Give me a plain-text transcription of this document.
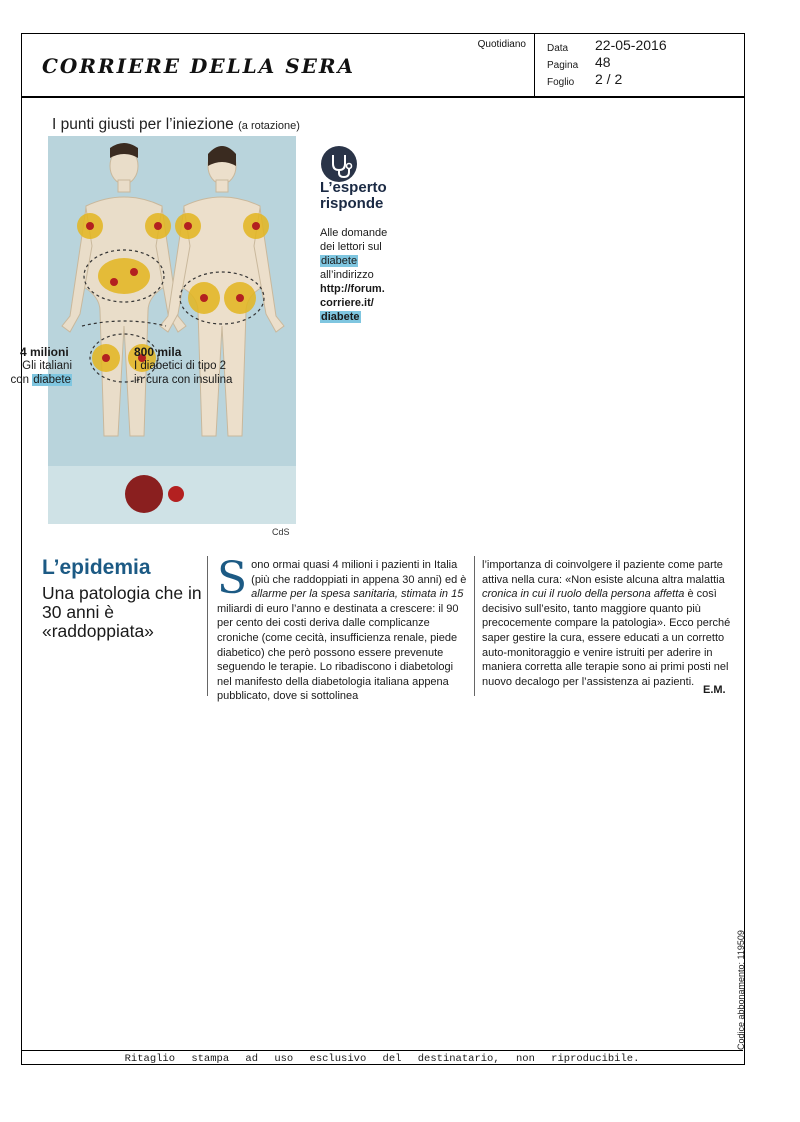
CORRIERE DELLA SERA
Quotidiano Data	22-05-2016
Pagina	48
Foglio	2 / 2
I punti giusti per l’iniezione (a rotazione)
4 milioni
Gli italiani
con diabete
800 mila
I diabetici di tipo 2
in cura con insulina
CdS
L’esperto
risponde
Alle domande
dei lettori sul
diabete
all’indirizzo
http://forum.
corriere.it/
diabete
L’epidemia
Una patologia che in 30 anni è «raddoppiata»
Sono ormai quasi 4 milioni i pazienti in Italia (più che raddoppiati in appena 30 anni) ed è allarme per la spesa sanitaria, stimata in 15 miliardi di euro l’anno e destinata a crescere: il 90 per cento dei costi deriva dalle complicanze croniche (come cecità, insufficienza renale, piede diabetico) che però possono essere prevenute seguendo le terapie. Lo ribadiscono i diabetologi nel manifesto della diabetologia italiana appena pubblicato, dove si sottolinea
l’importanza di coinvolgere il paziente come parte attiva nella cura: «Non esiste alcuna altra malattia cronica in cui il ruolo della persona affetta è così decisivo sull’esito, tanto maggiore quanto più precocemente compare la patologia». Ecco perché saper gestire la cura, essere educati a un corretto auto-monitoraggio e venire istruiti per aderire in maniera corretta alle terapie sono ai primi posti nel nuovo decalogo per l’assistenza ai pazienti.
E.M.
Ritaglio stampa ad uso esclusivo del destinatario, non riproducibile.
Codice abbonamento: 119509
